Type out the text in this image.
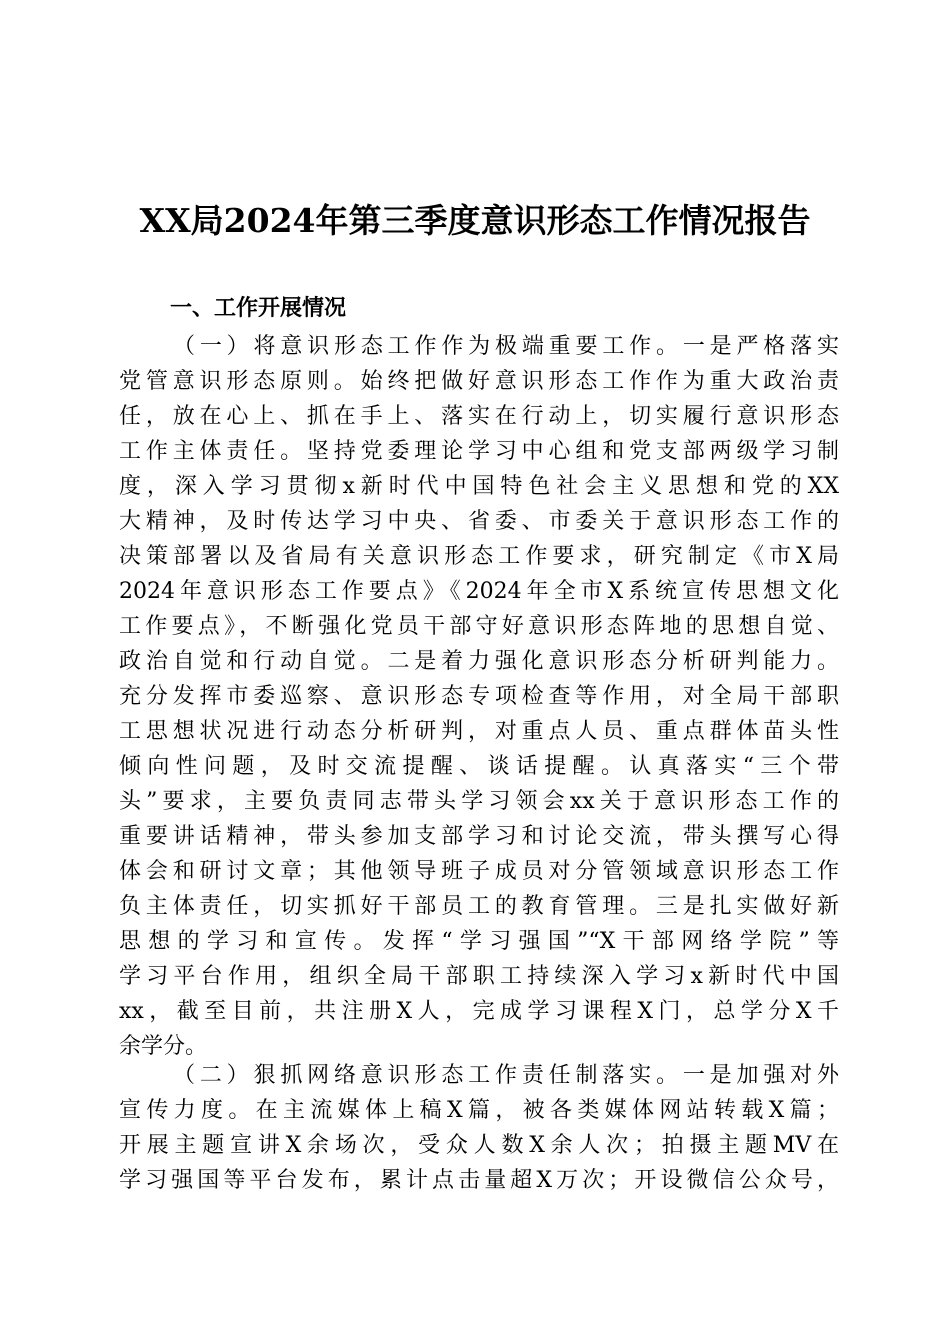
XX局2024年第三季度意识形态工作情况报告
一、工作开展情况
（一）将意识形态工作作为极端重要工作。一是严格落实
党管意识形态原则。始终把做好意识形态工作作为重大政治责
任，放在心上、抓在手上、落实在行动上，切实履行意识形态
工作主体责任。坚持党委理论学习中心组和党支部两级学习制
度，深入学习贯彻x新时代中国特色社会主义思想和党的XX
大精神，及时传达学习中央、省委、市委关于意识形态工作的
决策部署以及省局有关意识形态工作要求，研究制定《市X局
2024年意识形态工作要点》《2024年全市X系统宣传思想文化
工作要点》，不断强化党员干部守好意识形态阵地的思想自觉、
政治自觉和行动自觉。二是着力强化意识形态分析研判能力。
充分发挥市委巡察、意识形态专项检查等作用，对全局干部职
工思想状况进行动态分析研判，对重点人员、重点群体苗头性
倾向性问题，及时交流提醒、谈话提醒。认真落实“三个带
头”要求，主要负责同志带头学习领会xx关于意识形态工作的
重要讲话精神，带头参加支部学习和讨论交流，带头撰写心得
体会和研讨文章；其他领导班子成员对分管领域意识形态工作
负主体责任，切实抓好干部员工的教育管理。三是扎实做好新
思想的学习和宣传。发挥“学习强国”“X干部网络学院”等
学习平台作用，组织全局干部职工持续深入学习x新时代中国
xx，截至目前，共注册X人，完成学习课程X门，总学分X千
余学分。
（二）狠抓网络意识形态工作责任制落实。一是加强对外
宣传力度。在主流媒体上稿X篇，被各类媒体网站转载X篇；
开展主题宣讲X余场次，受众人数X余人次；拍摄主题MV在
学习强国等平台发布，累计点击量超X万次；开设微信公众号，
